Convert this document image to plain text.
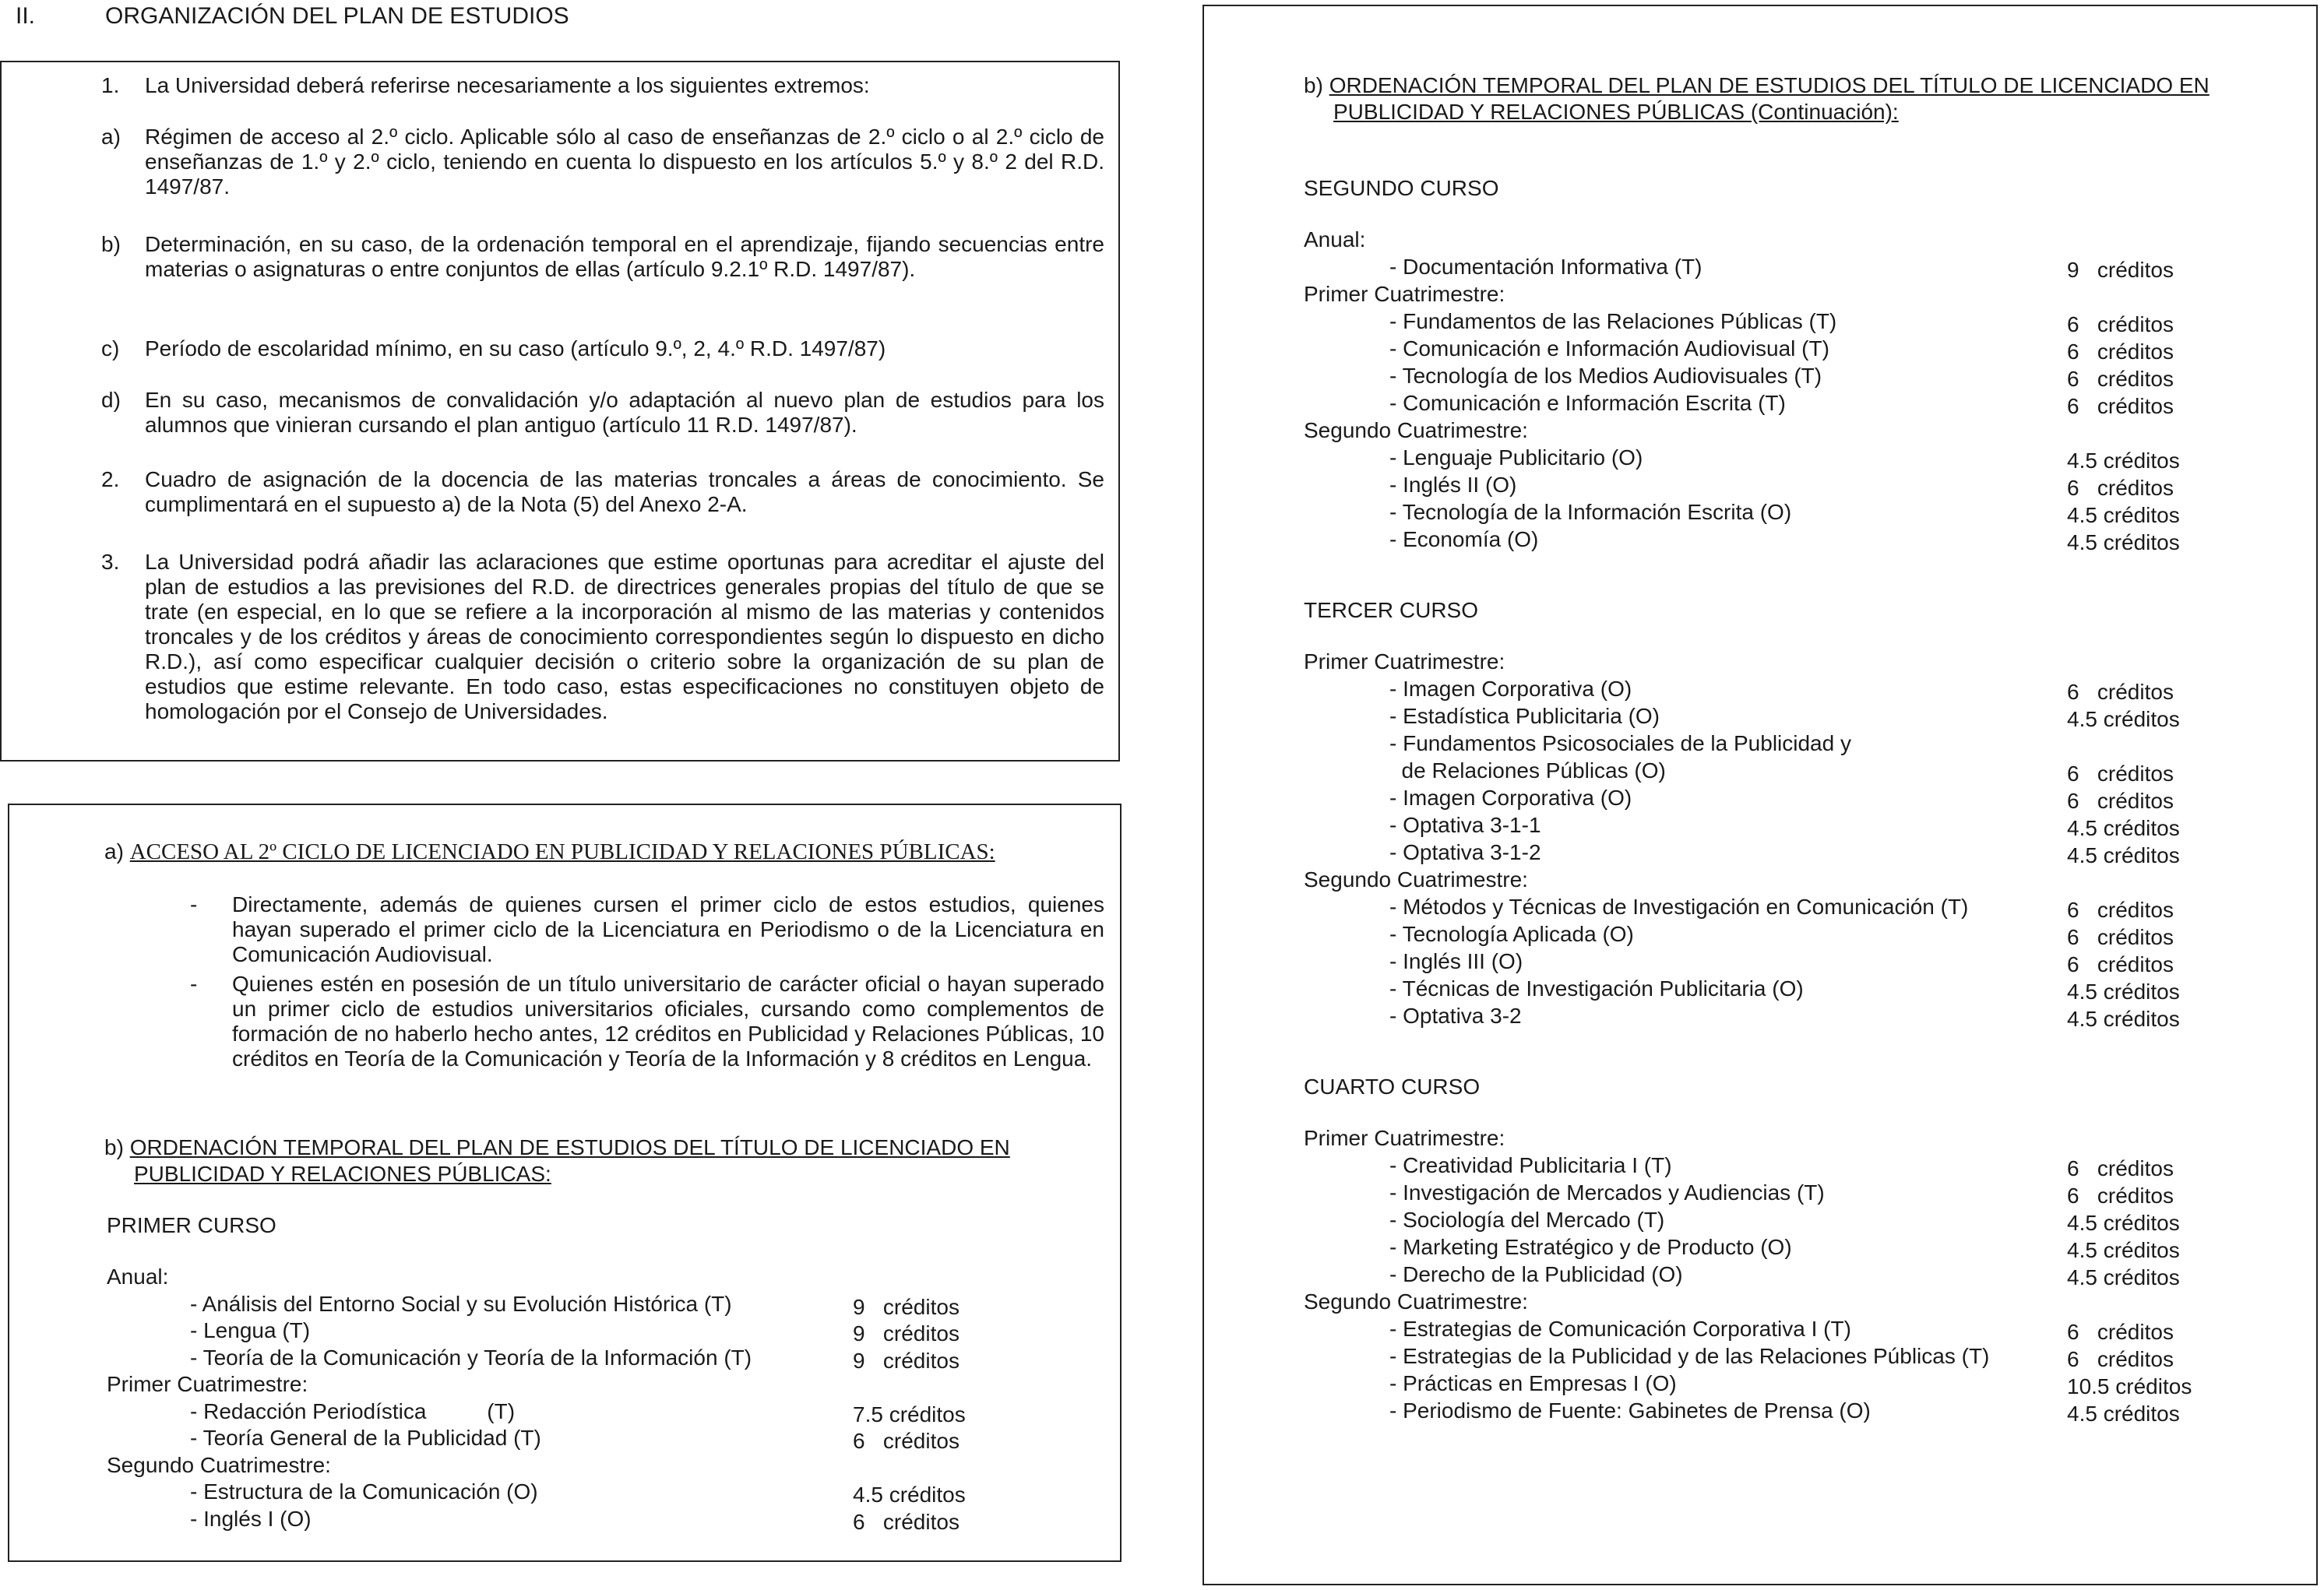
II.	ORGANIZACIÓN DEL PLAN DE ESTUDIOS
1. La Universidad deberá referirse necesariamente a los siguientes extremos:
a) Régimen de acceso al 2.º ciclo. Aplicable sólo al caso de enseñanzas de 2.º ciclo o al 2.º ciclo de enseñanzas de 1.º y 2.º ciclo, teniendo en cuenta lo dispuesto en los artículos 5.º y 8.º 2 del R.D. 1497/87.
b) Determinación, en su caso, de la ordenación temporal en el aprendizaje, fijando secuencias entre materias o asignaturas o entre conjuntos de ellas (artículo 9.2.1º R.D. 1497/87).
c) Período de escolaridad mínimo, en su caso (artículo 9.º, 2, 4.º R.D. 1497/87)
d) En su caso, mecanismos de convalidación y/o adaptación al nuevo plan de estudios para los alumnos que vinieran cursando el plan antiguo (artículo 11 R.D. 1497/87).
2. Cuadro de asignación de la docencia de las materias troncales a áreas de conocimiento. Se cumplimentará en el supuesto a) de la Nota (5) del Anexo 2-A.
3. La Universidad podrá añadir las aclaraciones que estime oportunas para acreditar el ajuste del plan de estudios a las previsiones del R.D. de directrices generales propias del título de que se trate (en especial, en lo que se refiere a la incorporación al mismo de las materias y contenidos troncales y de los créditos y áreas de conocimiento correspondientes según lo dispuesto en dicho R.D.), así como especificar cualquier decisión o criterio sobre la organización de su plan de estudios que estime relevante. En todo caso, estas especificaciones no constituyen objeto de homologación por el Consejo de Universidades.
a) ACCESO AL 2º CICLO DE LICENCIADO EN PUBLICIDAD Y RELACIONES PÚBLICAS:
- Directamente, además de quienes cursen el primer ciclo de estos estudios, quienes hayan superado el primer ciclo de la Licenciatura en Periodismo o de la Licenciatura en Comunicación Audiovisual.
- Quienes estén en posesión de un título universitario de carácter oficial o hayan superado un primer ciclo de estudios universitarios oficiales, cursando como complementos de formación de no haberlo hecho antes, 12 créditos en Publicidad y Relaciones Públicas, 10 créditos en Teoría de la Comunicación y Teoría de la Información y 8 créditos en Lengua.
b) ORDENACIÓN TEMPORAL DEL PLAN DE ESTUDIOS DEL TÍTULO DE LICENCIADO EN
PUBLICIDAD Y RELACIONES PÚBLICAS:
PRIMER CURSO
Anual:
- Análisis del Entorno Social y su Evolución Histórica (T)	9   créditos
- Lengua (T)	9   créditos
- Teoría de la Comunicación y Teoría de la Información (T)	9   créditos
Primer Cuatrimestre:
- Redacción Periodística          (T)	7.5 créditos
- Teoría General de la Publicidad (T)	6   créditos
Segundo Cuatrimestre:
- Estructura de la Comunicación (O)	4.5 créditos
- Inglés I (O)	6   créditos
b) ORDENACIÓN TEMPORAL DEL PLAN DE ESTUDIOS DEL TÍTULO DE LICENCIADO EN
PUBLICIDAD Y RELACIONES PÚBLICAS (Continuación):
SEGUNDO CURSO
Anual:
- Documentación Informativa (T)	9   créditos
Primer Cuatrimestre:
- Fundamentos de las Relaciones Públicas (T)	6   créditos
- Comunicación e Información Audiovisual (T)	6   créditos
- Tecnología de los Medios Audiovisuales (T)	6   créditos
- Comunicación e Información Escrita (T)	6   créditos
Segundo Cuatrimestre:
- Lenguaje Publicitario (O)	4.5 créditos
- Inglés II (O)	6   créditos
- Tecnología de la Información Escrita (O)	4.5 créditos
- Economía (O)	4.5 créditos
TERCER CURSO
Primer Cuatrimestre:
- Imagen Corporativa (O)	6   créditos
- Estadística Publicitaria (O)	4.5 créditos
- Fundamentos Psicosociales de la Publicidad y
de Relaciones Públicas (O)	6   créditos
- Imagen Corporativa (O)	6   créditos
- Optativa 3-1-1	4.5 créditos
- Optativa 3-1-2	4.5 créditos
Segundo Cuatrimestre:
- Métodos y Técnicas de Investigación en Comunicación (T)	6   créditos
- Tecnología Aplicada (O)	6   créditos
- Inglés III (O)	6   créditos
- Técnicas de Investigación Publicitaria (O)	4.5 créditos
- Optativa 3-2	4.5 créditos
CUARTO CURSO
Primer Cuatrimestre:
- Creatividad Publicitaria I (T)	6   créditos
- Investigación de Mercados y Audiencias (T)	6   créditos
- Sociología del Mercado (T)	4.5 créditos
- Marketing Estratégico y de Producto (O)	4.5 créditos
- Derecho de la Publicidad (O)	4.5 créditos
Segundo Cuatrimestre:
- Estrategias de Comunicación Corporativa I (T)	6   créditos
- Estrategias de la Publicidad y de las Relaciones Públicas (T)	6   créditos
- Prácticas en Empresas I (O)	10.5 créditos
- Periodismo de Fuente: Gabinetes de Prensa (O)	4.5 créditos
